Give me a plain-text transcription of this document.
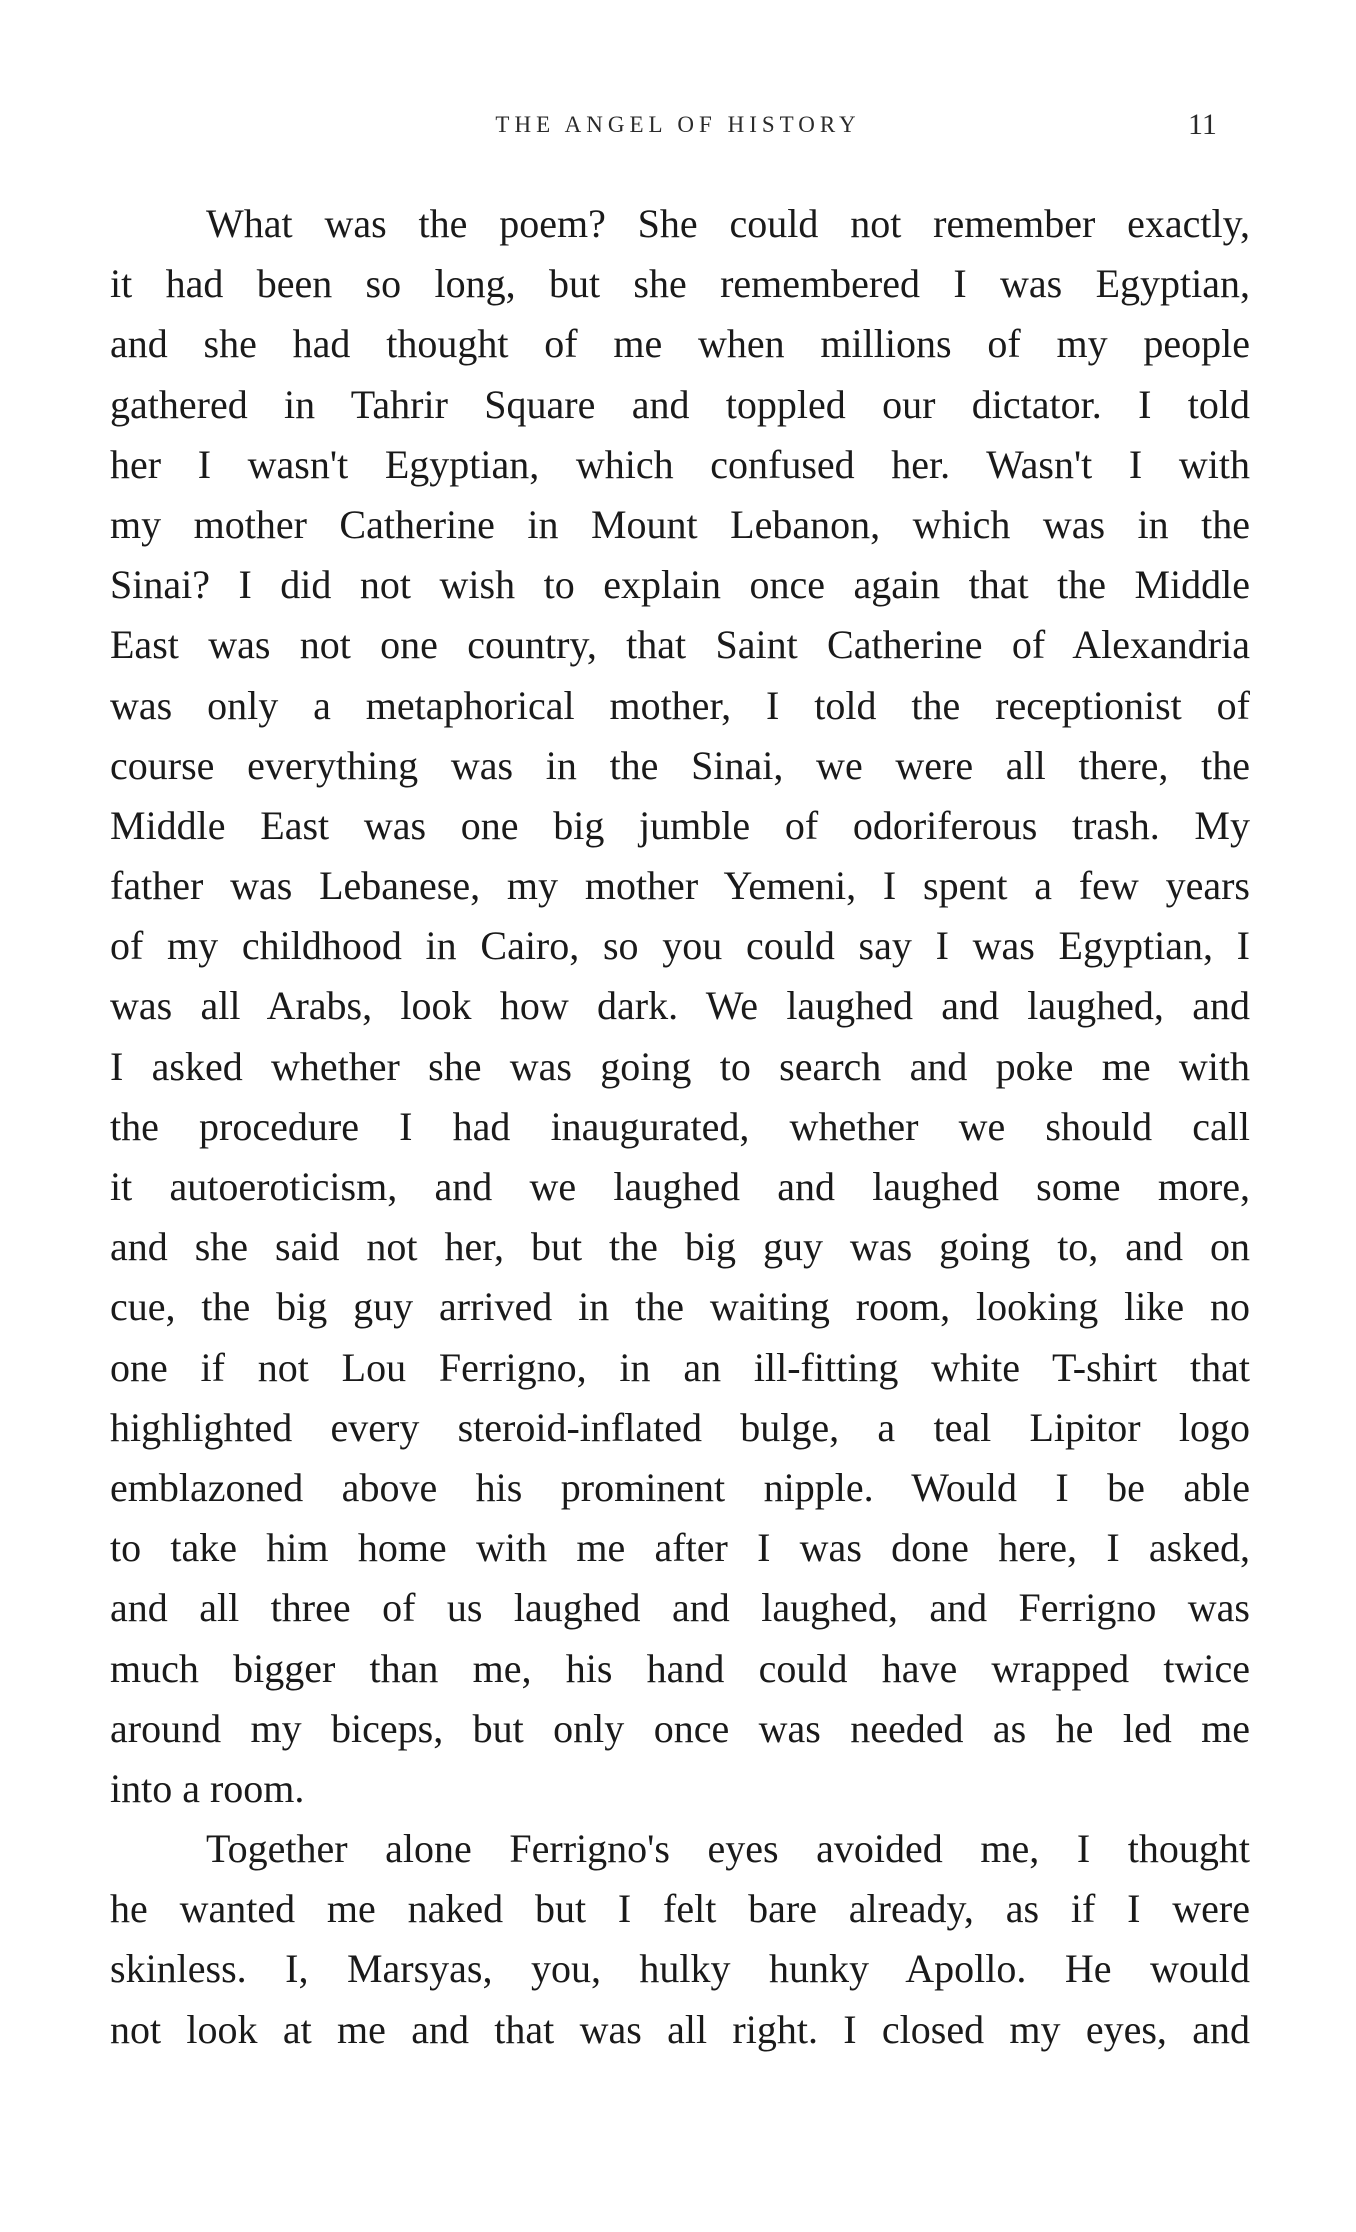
THE ANGEL OF HISTORY	11
What was the poem? She could not remember exactly,
it had been so long, but she remembered I was Egyptian,
and she had thought of me when millions of my people
gathered in Tahrir Square and toppled our dictator. I told
her I wasn't Egyptian, which confused her. Wasn't I with
my mother Catherine in Mount Lebanon, which was in the
Sinai? I did not wish to explain once again that the Middle
East was not one country, that Saint Catherine of Alexandria
was only a metaphorical mother, I told the receptionist of
course everything was in the Sinai, we were all there, the
Middle East was one big jumble of odoriferous trash. My
father was Lebanese, my mother Yemeni, I spent a few years
of my childhood in Cairo, so you could say I was Egyptian, I
was all Arabs, look how dark. We laughed and laughed, and
I asked whether she was going to search and poke me with
the procedure I had inaugurated, whether we should call
it autoeroticism, and we laughed and laughed some more,
and she said not her, but the big guy was going to, and on
cue, the big guy arrived in the waiting room, looking like no
one if not Lou Ferrigno, in an ill-fitting white T-shirt that
highlighted every steroid-inflated bulge, a teal Lipitor logo
emblazoned above his prominent nipple. Would I be able
to take him home with me after I was done here, I asked,
and all three of us laughed and laughed, and Ferrigno was
much bigger than me, his hand could have wrapped twice
around my biceps, but only once was needed as he led me
into a room.
Together alone Ferrigno's eyes avoided me, I thought
he wanted me naked but I felt bare already, as if I were
skinless. I, Marsyas, you, hulky hunky Apollo. He would
not look at me and that was all right. I closed my eyes, and
